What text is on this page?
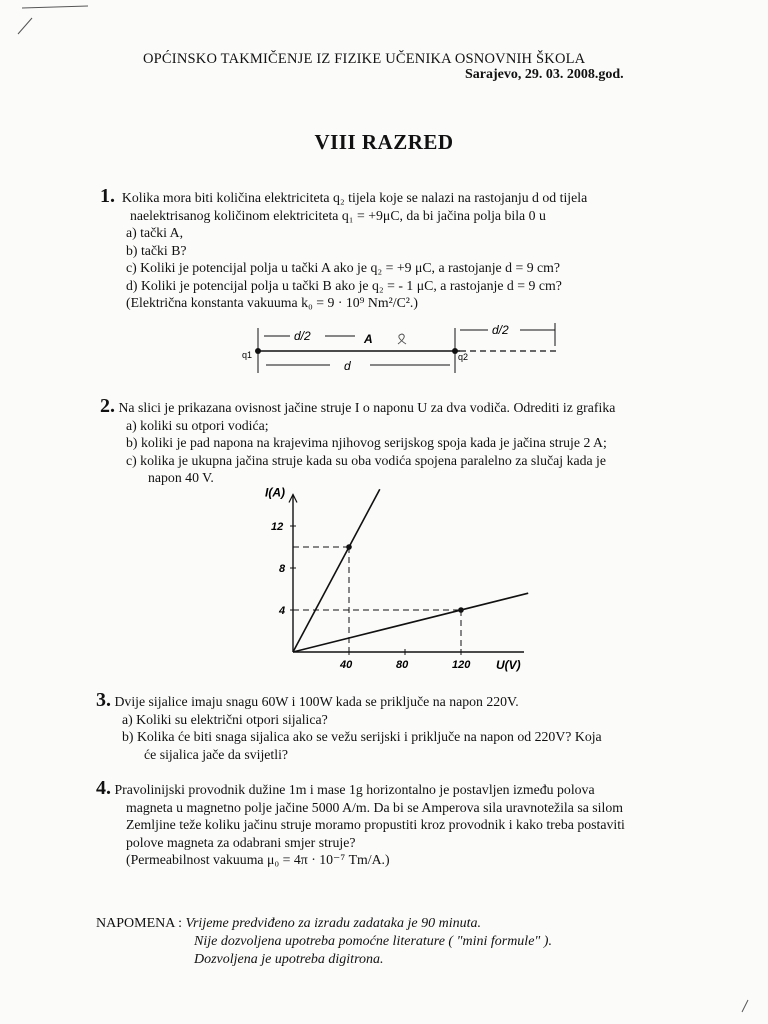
OPĆINSKO TAKMIČENJE IZ FIZIKE UČENIKA OSNOVNIH ŠKOLA
Sarajevo, 29. 03. 2008.god.
VIII RAZRED
1. Kolika mora biti količina elektriciteta q₂ tijela koje se nalazi na rastojanju d od tijela
naelektrisanog količinom elektriciteta q₁ = +9μC, da bi jačina polja bila 0 u
a) tački A,
b) tački B?
c) Koliki je potencijal polja u tački A ako je q₂ = +9 μC, a rastojanje d = 9 cm?
d) Koliki je potencijal polja u tački B ako je q₂ = - 1 μC, a rastojanje d = 9 cm?
(Električna konstanta vakuuma k₀ = 9 · 10⁹ Nm²/C².)
d/2	d/2
A
q1	q2
d
2. Na slici je prikazana ovisnost jačine struje I o naponu U za dva vodiča. Odrediti iz grafika
a) koliki su otpori vodića;
b) koliki je pad napona na krajevima njihovog serijskog spoja kada je jačina struje 2 A;
c) kolika je ukupna jačina struje kada su oba vodića spojena paralelno za slučaj kada je
napon 40 V.
I(A)
U(V)
40	80	120
4
8
12
3. Dvije sijalice imaju snagu 60W i 100W kada se priključe na napon 220V.
a) Koliki su električni otpori sijalica?
b) Kolika će biti snaga sijalica ako se vežu serijski i priključe na napon od 220V? Koja
će sijalica jače da svijetli?
4. Pravolinijski provodnik dužine 1m i mase 1g horizontalno je postavljen između polova
magneta u magnetno polje jačine 5000 A/m. Da bi se Amperova sila uravnotežila sa silom
Zemljine teže koliku jačinu struje moramo propustiti kroz provodnik i kako treba postaviti
polove magneta za odabrani smjer struje?
(Permeabilnost vakuuma μ₀ = 4π · 10⁻⁷ Tm/A.)
NAPOMENA : Vrijeme predviđeno za izradu zadataka je 90 minuta.
Nije dozvoljena upotreba pomoćne literature ( "mini formule" ).
Dozvoljena je upotreba digitrona.
